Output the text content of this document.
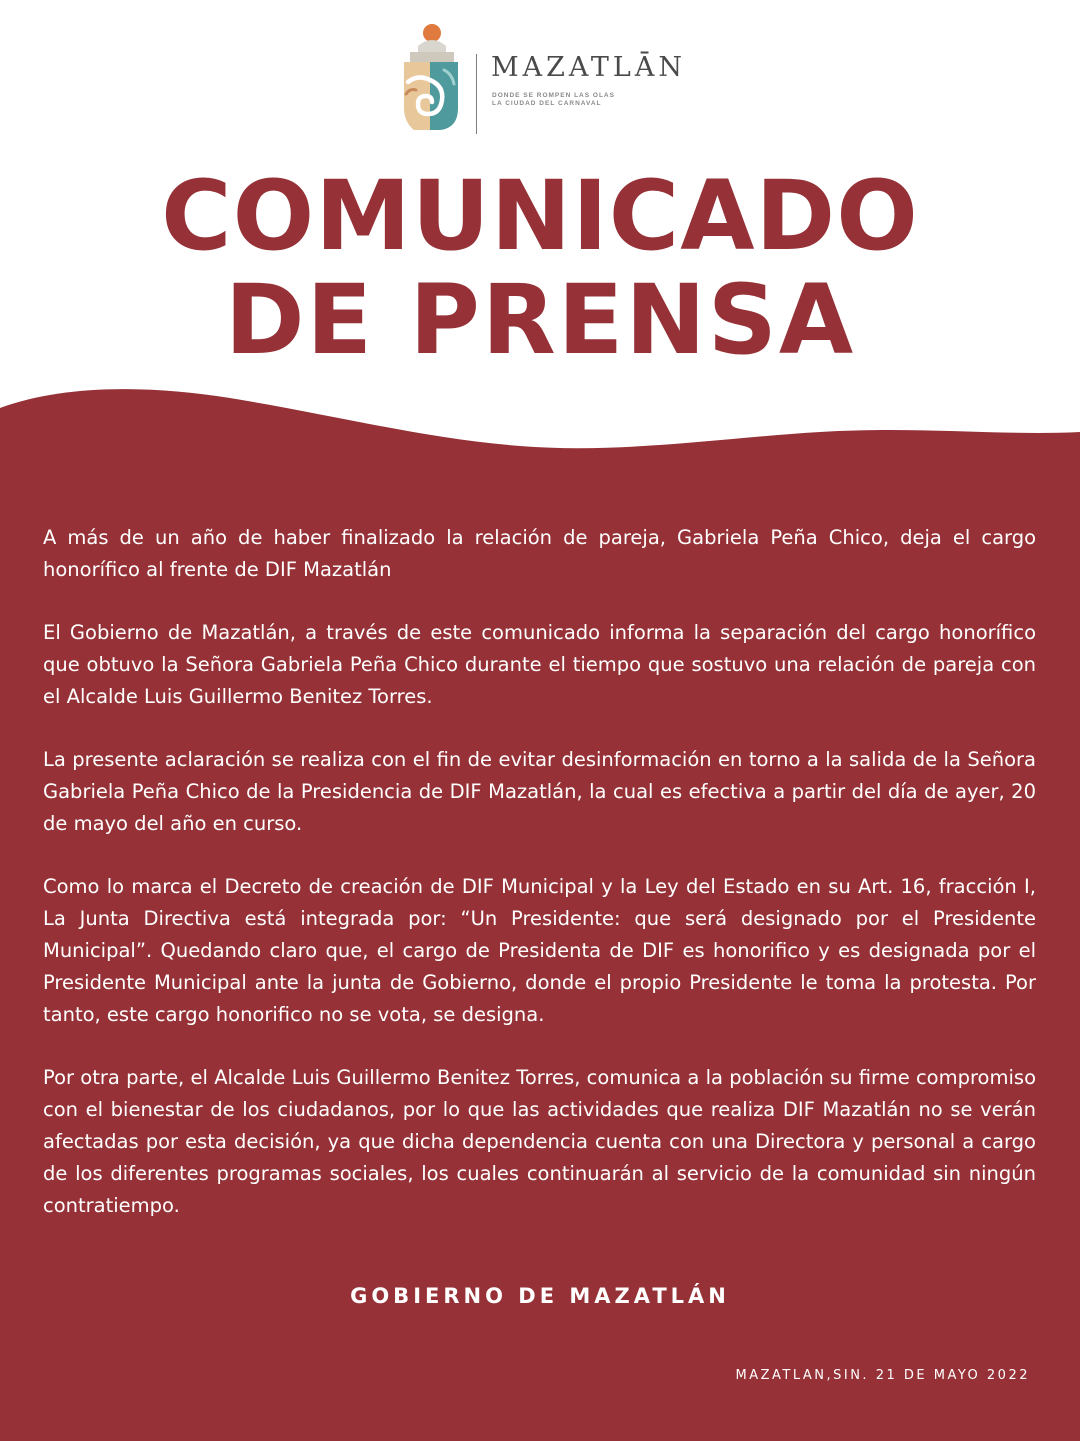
MAZATLĀN
DONDE SE ROMPEN LAS OLAS
LA CIUDAD DEL CARNAVAL
COMUNICADO
DE PRENSA

A más de un año de haber finalizado la relación de pareja, Gabriela Peña Chico, deja el cargo honorífico al frente de DIF Mazatlán

El Gobierno de Mazatlán, a través de este comunicado informa la separación del cargo honorífico que obtuvo la Señora Gabriela Peña Chico durante el tiempo que sostuvo una relación de pareja con el Alcalde Luis Guillermo Benitez Torres.

La presente aclaración se realiza con el fin de evitar desinformación en torno a la salida de la Señora Gabriela Peña Chico de la Presidencia de DIF Mazatlán, la cual es efectiva a partir del día de ayer, 20 de mayo del año en curso.

Como lo marca el Decreto de creación de DIF Municipal y la Ley del Estado en su Art. 16, fracción I, La Junta Directiva está integrada por: “Un Presidente: que será designado por el Presidente Municipal”. Quedando claro que, el cargo de Presidenta de DIF es honorifico y es designada por el Presidente Municipal ante la junta de Gobierno, donde el propio Presidente le toma la protesta. Por tanto, este cargo honorifico no se vota, se designa.

Por otra parte, el Alcalde Luis Guillermo Benitez Torres, comunica a la población su firme compromiso con el bienestar de los ciudadanos, por lo que las actividades que realiza DIF Mazatlán no se verán afectadas por esta decisión, ya que dicha dependencia cuenta con una Directora y personal a cargo de los diferentes programas sociales, los cuales continuarán al servicio de la comunidad sin ningún contratiempo.

GOBIERNO DE MAZATLÁN
MAZATLAN,SIN. 21 DE MAYO 2022
